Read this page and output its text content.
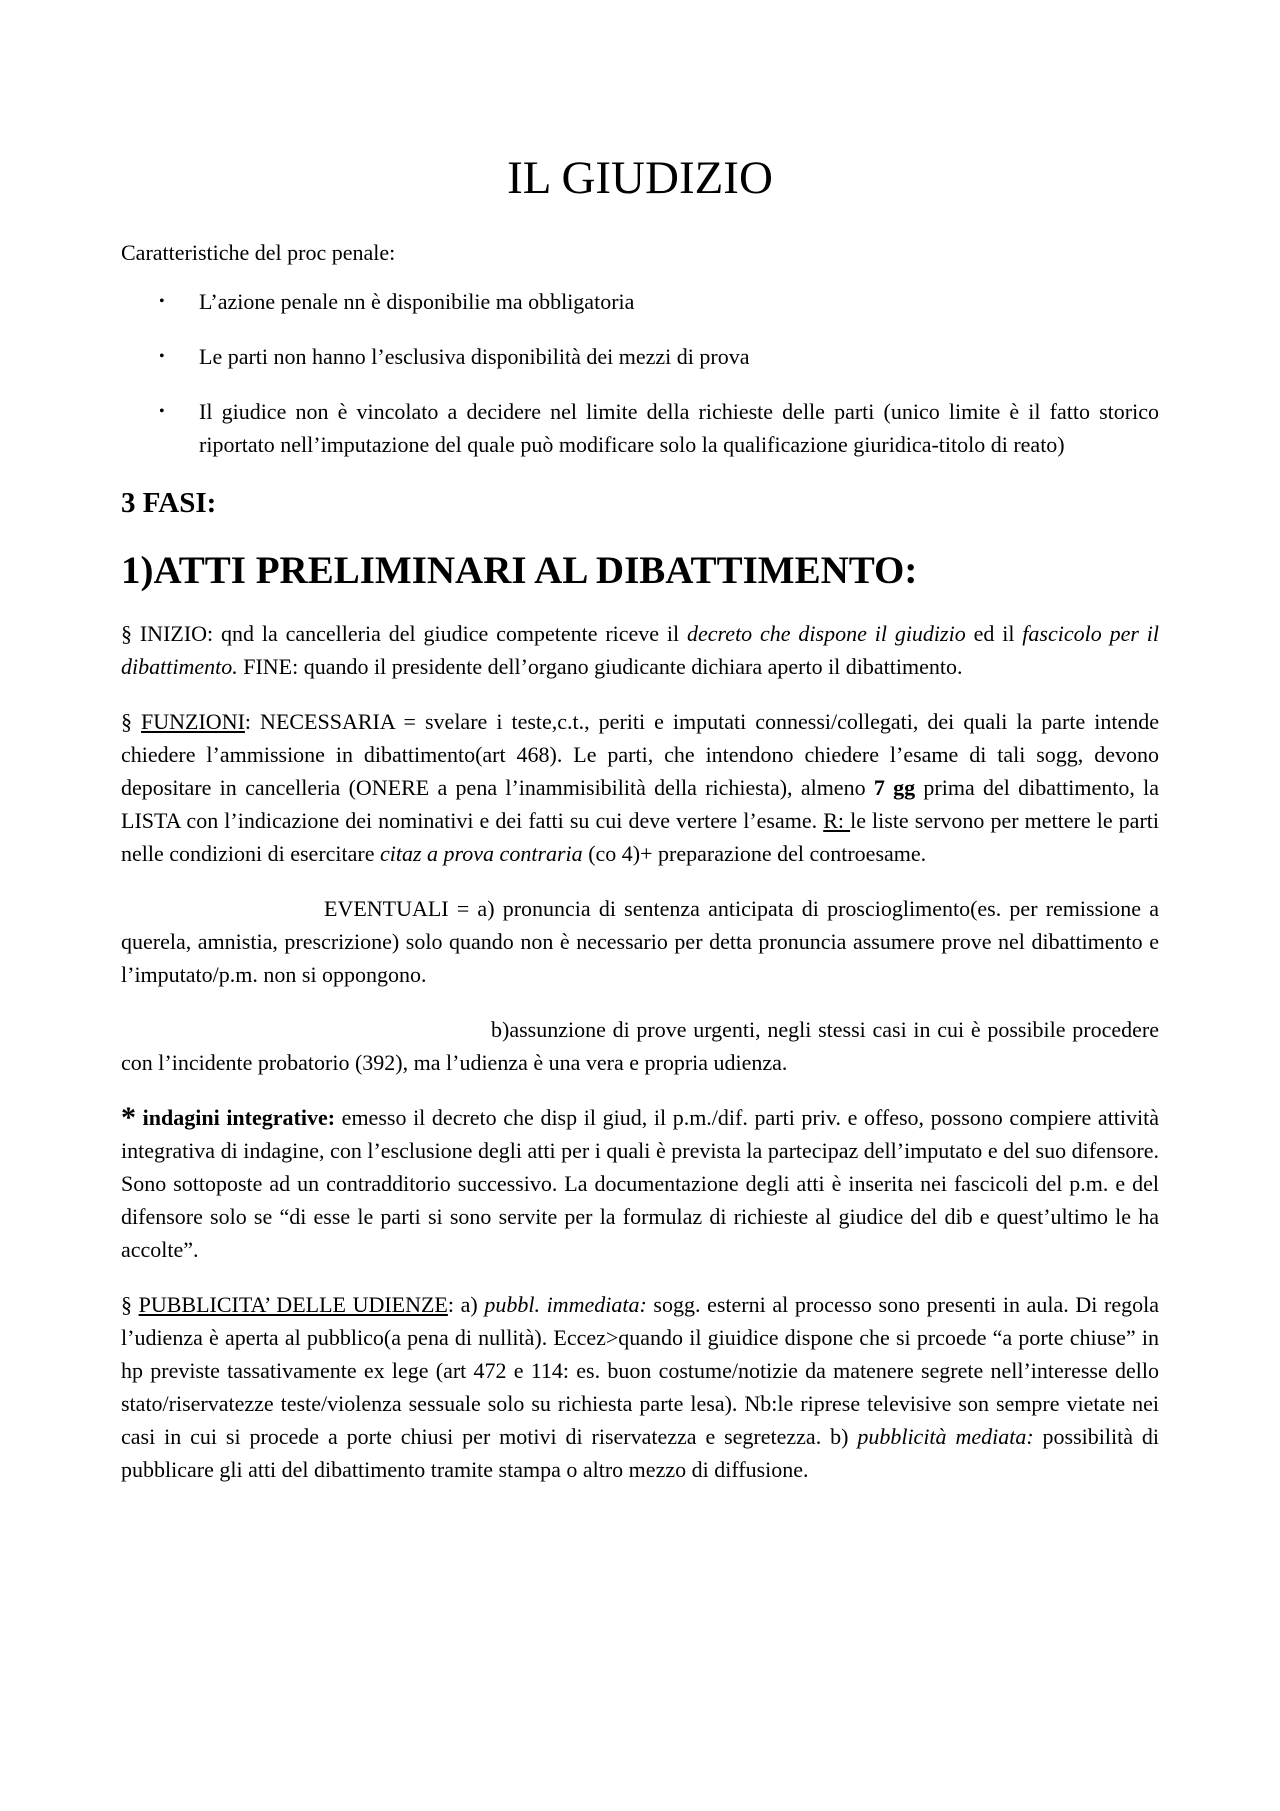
IL GIUDIZIO
Caratteristiche del proc penale:
• L’azione penale nn è disponibilie ma obbligatoria
• Le parti non hanno l’esclusiva disponibilità dei mezzi di prova
• Il giudice non è vincolato a decidere nel limite della richieste delle parti (unico limite è il fatto storico riportato nell’imputazione del quale può modificare solo la qualificazione giuridica-titolo di reato)
3 FASI:
1)ATTI PRELIMINARI AL DIBATTIMENTO:

§ INIZIO: qnd la cancelleria del giudice competente riceve il decreto che dispone il giudizio ed il fascicolo per il dibattimento. FINE: quando il presidente dell’organo giudicante dichiara aperto il dibattimento.

§ FUNZIONI: NECESSARIA = svelare i teste,c.t., periti e imputati connessi/collegati, dei quali la parte intende chiedere l’ammissione in dibattimento(art 468). Le parti, che intendono chiedere l’esame di tali sogg, devono depositare in cancelleria (ONERE a pena l’inammisibilità della richiesta), almeno 7 gg prima del dibattimento, la LISTA con l’indicazione dei nominativi e dei fatti su cui deve vertere l’esame. R: le liste servono per mettere le parti nelle condizioni di esercitare citaz a prova contraria (co 4)+ preparazione del controesame.

EVENTUALI = a) pronuncia di sentenza anticipata di proscioglimento(es. per remissione a querela, amnistia, prescrizione) solo quando non è necessario per detta pronuncia assumere prove nel dibattimento e l’imputato/p.m. non si oppongono.

b)assunzione di prove urgenti, negli stessi casi in cui è possibile procedere con l’incidente probatorio (392), ma l’udienza è una vera e propria udienza.

* indagini integrative: emesso il decreto che disp il giud, il p.m./dif. parti priv. e offeso, possono compiere attività integrativa di indagine, con l’esclusione degli atti per i quali è prevista la partecipaz dell’imputato e del suo difensore. Sono sottoposte ad un contradditorio successivo. La documentazione degli atti è inserita nei fascicoli del p.m. e del difensore solo se “di esse le parti si sono servite per la formulaz di richieste al giudice del dib e quest’ultimo le ha accolte”.

§ PUBBLICITA’ DELLE UDIENZE: a) pubbl. immediata: sogg. esterni al processo sono presenti in aula. Di regola l’udienza è aperta al pubblico(a pena di nullità). Eccez>quando il giuidice dispone che si prcoede “a porte chiuse” in hp previste tassativamente ex lege (art 472 e 114: es. buon costume/notizie da matenere segrete nell’interesse dello stato/riservatezze teste/violenza sessuale solo su richiesta parte lesa). Nb:le riprese televisive son sempre vietate nei casi in cui si procede a porte chiusi per motivi di riservatezza e segretezza. b) pubblicità mediata: possibilità di pubblicare gli atti del dibattimento tramite stampa o altro mezzo di diffusione.
